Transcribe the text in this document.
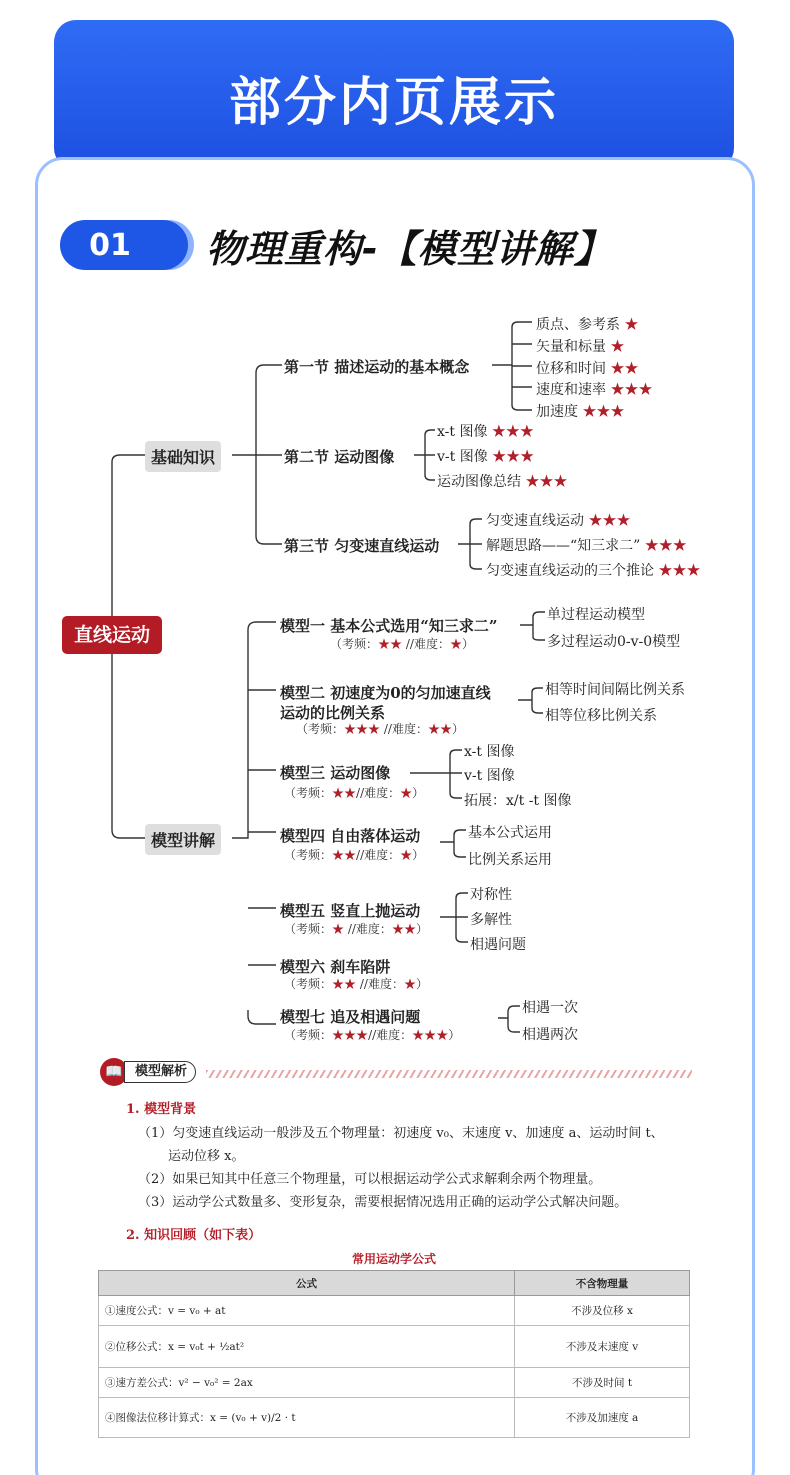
部分内页展示
01	物理重构-【模型讲解】
直线运动
基础知识
模型讲解
第一节 描述运动的基本概念
质点、参考系 ★
矢量和标量 ★
位移和时间 ★★
速度和速率 ★★★
加速度 ★★★
第二节 运动图像
x-t 图像 ★★★
v-t 图像 ★★★
运动图像总结 ★★★
第三节 匀变速直线运动
匀变速直线运动 ★★★
解题思路——“知三求二” ★★★
匀变速直线运动的三个推论 ★★★
模型一 基本公式选用“知三求二”
（考频：★★ //难度：★）
单过程运动模型
多过程运动0-v-0模型
模型二 初速度为0的匀加速直线
运动的比例关系
（考频：★★★ //难度：★★）
相等时间间隔比例关系
相等位移比例关系
模型三 运动图像
（考频：★★//难度：★）
x-t 图像
v-t 图像
拓展：x/t -t 图像
模型四 自由落体运动
（考频：★★//难度：★）
基本公式运用
比例关系运用
模型五 竖直上抛运动
（考频：★ //难度：★★）
对称性
多解性
相遇问题
模型六 刹车陷阱
（考频：★★ //难度：★）
模型七 追及相遇问题
（考频：★★★//难度：★★★）
相遇一次
相遇两次
📖 模型解析
1. 模型背景
（1）匀变速直线运动一般涉及五个物理量：初速度 v₀、末速度 v、加速度 a、运动时间 t、
运动位移 x。
（2）如果已知其中任意三个物理量，可以根据运动学公式求解剩余两个物理量。
（3）运动学公式数量多、变形复杂，需要根据情况选用正确的运动学公式解决问题。
2. 知识回顾（如下表）
常用运动学公式
公式	不含物理量
①速度公式：v = v₀ + at	不涉及位移 x
②位移公式：x = v₀t + ½at²	不涉及末速度 v
③速方差公式：v² − v₀² = 2ax	不涉及时间 t
④图像法位移计算式：x = (v₀ + v)/2 · t	不涉及加速度 a
